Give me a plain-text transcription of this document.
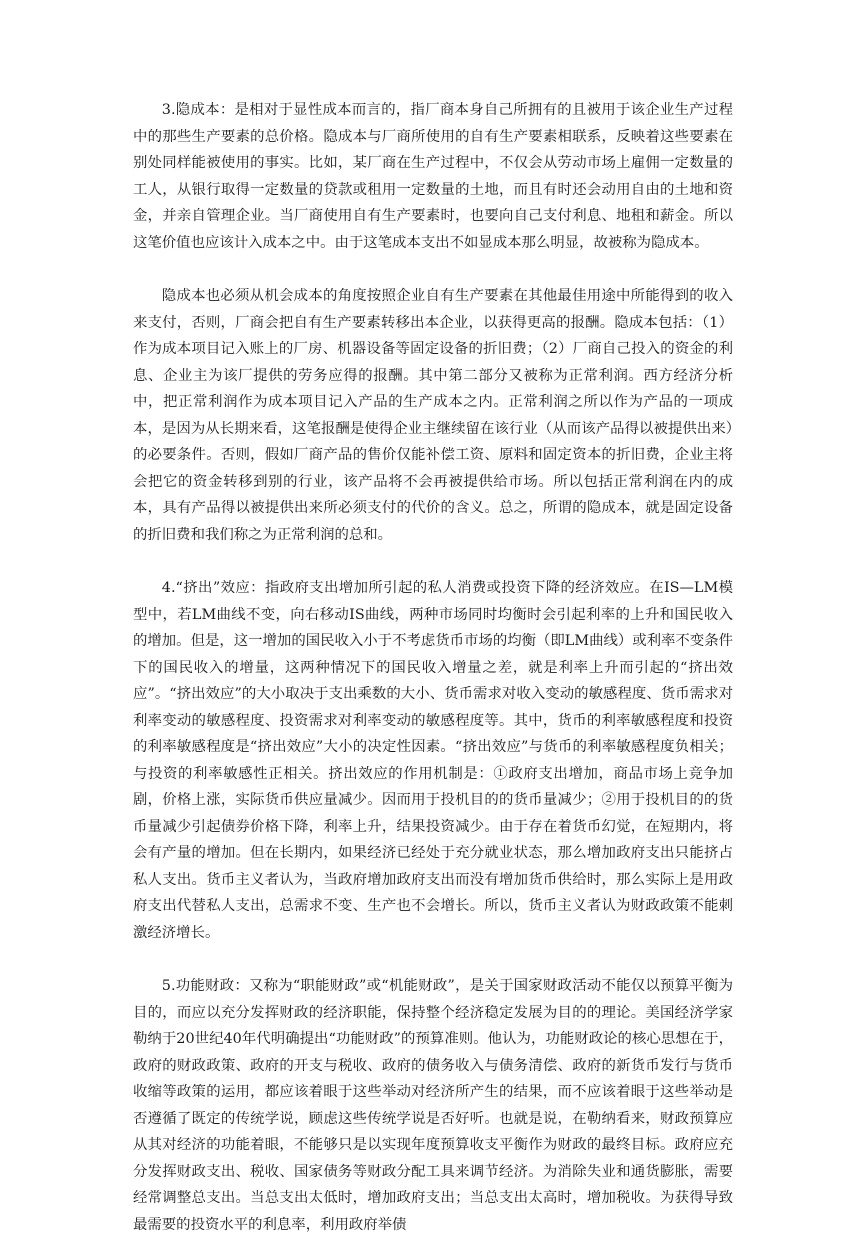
3.隐成本：是相对于显性成本而言的，指厂商本身自己所拥有的且被用于该企业生产过程中的那些生产要素的总价格。隐成本与厂商所使用的自有生产要素相联系，反映着这些要素在别处同样能被使用的事实。比如，某厂商在生产过程中，不仅会从劳动市场上雇佣一定数量的工人，从银行取得一定数量的贷款或租用一定数量的土地，而且有时还会动用自由的土地和资金，并亲自管理企业。当厂商使用自有生产要素时，也要向自己支付利息、地租和薪金。所以这笔价值也应该计入成本之中。由于这笔成本支出不如显成本那么明显，故被称为隐成本。

隐成本也必须从机会成本的角度按照企业自有生产要素在其他最佳用途中所能得到的收入来支付，否则，厂商会把自有生产要素转移出本企业，以获得更高的报酬。隐成本包括：（1）作为成本项目记入账上的厂房、机器设备等固定设备的折旧费；（2）厂商自己投入的资金的利息、企业主为该厂提供的劳务应得的报酬。其中第二部分又被称为正常利润。西方经济分析中，把正常利润作为成本项目记入产品的生产成本之内。正常利润之所以作为产品的一项成本，是因为从长期来看，这笔报酬是使得企业主继续留在该行业（从而该产品得以被提供出来）的必要条件。否则，假如厂商产品的售价仅能补偿工资、原料和固定资本的折旧费，企业主将会把它的资金转移到别的行业，该产品将不会再被提供给市场。所以包括正常利润在内的成本，具有产品得以被提供出来所必须支付的代价的含义。总之，所谓的隐成本，就是固定设备的折旧费和我们称之为正常利润的总和。

4.“挤出”效应：指政府支出增加所引起的私人消费或投资下降的经济效应。在IS—LM模型中，若LM曲线不变，向右移动IS曲线，两种市场同时均衡时会引起利率的上升和国民收入的增加。但是，这一增加的国民收入小于不考虑货币市场的均衡（即LM曲线）或利率不变条件下的国民收入的增量，这两种情况下的国民收入增量之差，就是利率上升而引起的“挤出效应”。“挤出效应”的大小取决于支出乘数的大小、货币需求对收入变动的敏感程度、货币需求对利率变动的敏感程度、投资需求对利率变动的敏感程度等。其中，货币的利率敏感程度和投资的利率敏感程度是“挤出效应”大小的决定性因素。“挤出效应”与货币的利率敏感程度负相关；与投资的利率敏感性正相关。挤出效应的作用机制是：①政府支出增加，商品市场上竞争加剧，价格上涨，实际货币供应量减少。因而用于投机目的的货币量减少；②用于投机目的的货币量减少引起债券价格下降，利率上升，结果投资减少。由于存在着货币幻觉，在短期内，将会有产量的增加。但在长期内，如果经济已经处于充分就业状态，那么增加政府支出只能挤占私人支出。货币主义者认为，当政府增加政府支出而没有增加货币供给时，那么实际上是用政府支出代替私人支出，总需求不变、生产也不会增长。所以，货币主义者认为财政政策不能刺激经济增长。

5.功能财政：又称为“职能财政”或“机能财政”，是关于国家财政活动不能仅以预算平衡为目的，而应以充分发挥财政的经济职能，保持整个经济稳定发展为目的的理论。美国经济学家勒纳于20世纪40年代明确提出“功能财政”的预算准则。他认为，功能财政论的核心思想在于，政府的财政政策、政府的开支与税收、政府的债务收入与债务清偿、政府的新货币发行与货币收缩等政策的运用，都应该着眼于这些举动对经济所产生的结果，而不应该着眼于这些举动是否遵循了既定的传统学说，顾虑这些传统学说是否好听。也就是说，在勒纳看来，财政预算应从其对经济的功能着眼，不能够只是以实现年度预算收支平衡作为财政的最终目标。政府应充分发挥财政支出、税收、国家债务等财政分配工具来调节经济。为消除失业和通货膨胀，需要经常调整总支出。当总支出太低时，增加政府支出；当总支出太高时，增加税收。为获得导致最需要的投资水平的利息率，利用政府举债
